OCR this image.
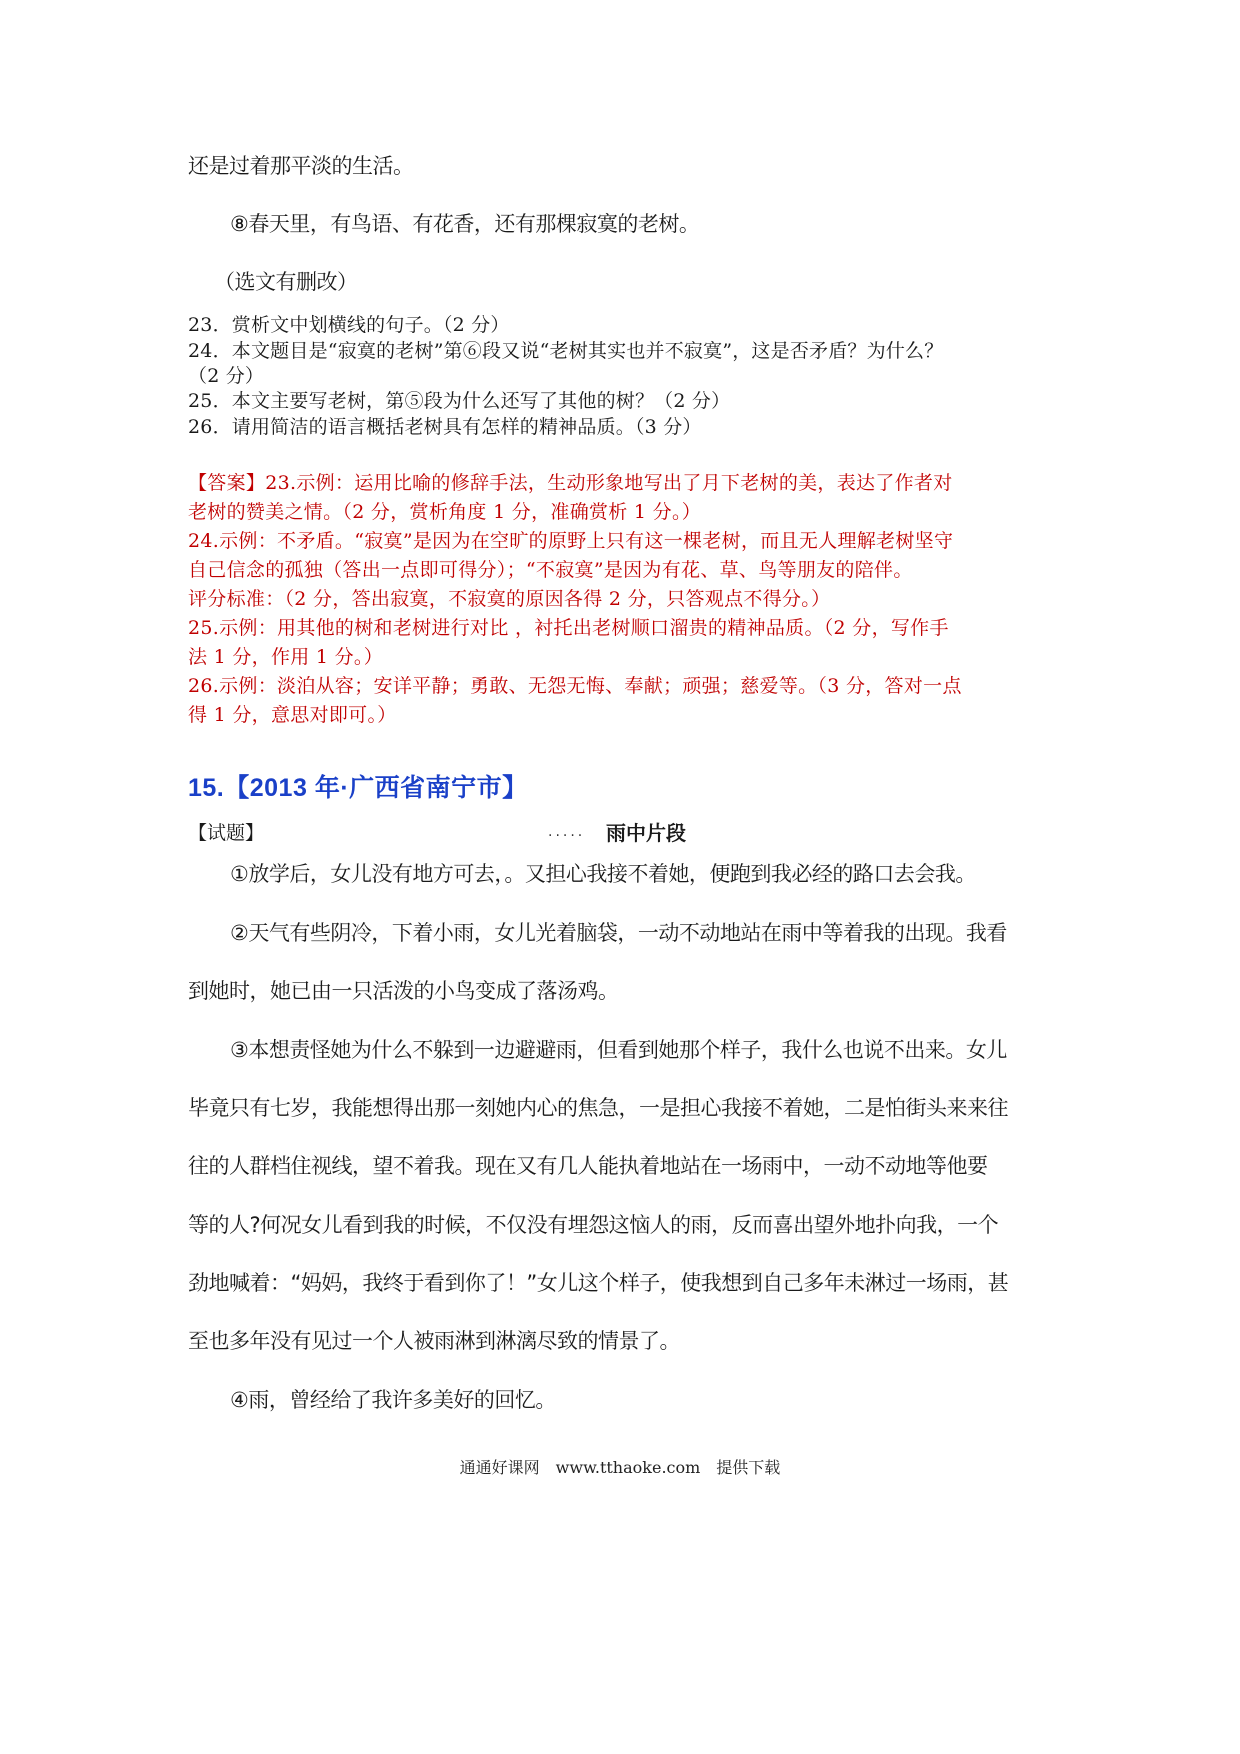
还是过着那平淡的生活。

⑧春天里，有鸟语、有花香，还有那棵寂寞的老树。

（选文有删改）

23．赏析文中划横线的句子。（2 分）

24．本文题目是“寂寞的老树”第⑥段又说“老树其实也并不寂寞”，这是否矛盾？为什么？

（2 分）

25．本文主要写老树，第⑤段为什么还写了其他的树？（2 分）

26．请用简洁的语言概括老树具有怎样的精神品质。（3 分）

【答案】23.示例：运用比喻的修辞手法，生动形象地写出了月下老树的美，表达了作者对

老树的赞美之情。（2 分，赏析角度 1 分，准确赏析 1 分。）

24.示例：不矛盾。“寂寞”是因为在空旷的原野上只有这一棵老树，而且无人理解老树坚守

自己信念的孤独（答出一点即可得分）；“不寂寞”是因为有花、草、鸟等朋友的陪伴。

评分标准：（2 分，答出寂寞，不寂寞的原因各得 2 分，只答观点不得分。）

25.示例：用其他的树和老树进行对比 ，衬托出老树顺口溜贵的精神品质。（2 分，写作手

法 1 分，作用 1 分。）

26.示例：淡泊从容；安详平静；勇敢、无怨无悔、奉献；顽强；慈爱等。（3 分，答对一点

得 1 分，意思对即可。）

15.【2013 年·广西省南宁市】

【试题】	..... 雨中片段

①放学后，女儿没有地方可去，。又担心我接不着她，便跑到我必经的路口去会我。

②天气有些阴冷，下着小雨，女儿光着脑袋，一动不动地站在雨中等着我的出现。我看

到她时，她已由一只活泼的小鸟变成了落汤鸡。

③本想责怪她为什么不躲到一边避避雨，但看到她那个样子，我什么也说不出来。女儿

毕竟只有七岁，我能想得出那一刻她内心的焦急，一是担心我接不着她，二是怕街头来来往

往的人群档住视线，望不着我。现在又有几人能执着地站在一场雨中，一动不动地等他要

等的人?何况女儿看到我的时候，不仅没有埋怨这恼人的雨，反而喜出望外地扑向我，一个

劲地喊着：“妈妈，我终于看到你了！”女儿这个样子，使我想到自己多年未淋过一场雨，甚

至也多年没有见过一个人被雨淋到淋漓尽致的情景了。

④雨，曾经给了我许多美好的回忆。

通通好课网　www.tthaoke.com　提供下载
